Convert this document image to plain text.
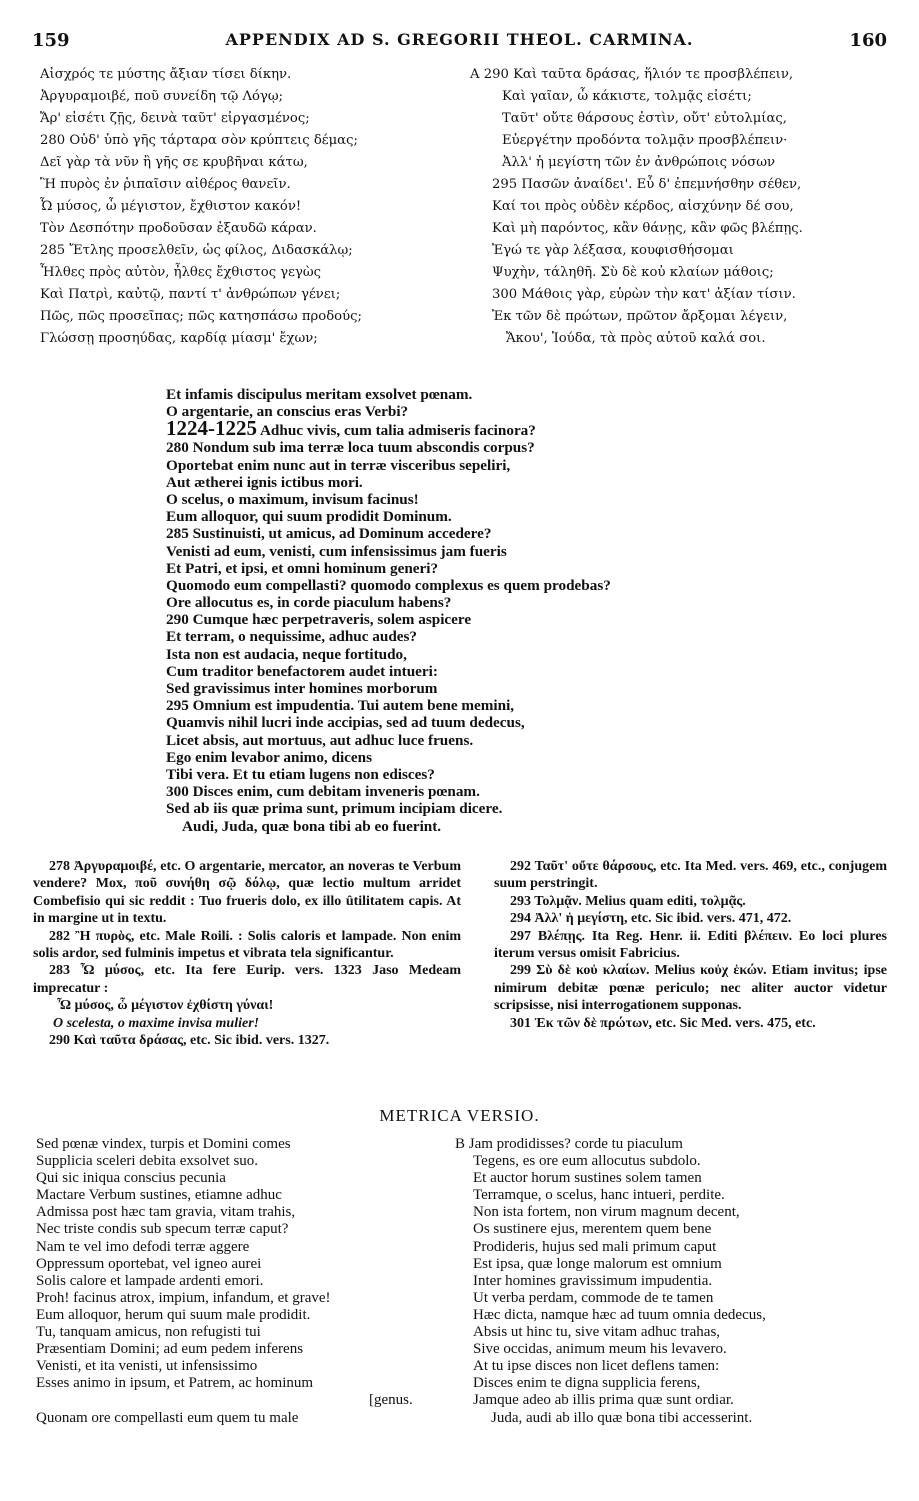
159	APPENDIX AD S. GREGORII THEOL. CARMINA.	160
Αἰσχρός τε μύστης ἄξιαν τίσει δίκην.
Ἀργυραμοιβέ, ποῦ συνείδη τῷ Λόγῳ;
Ἄρ' εἰσέτι ζῇς, δεινὰ ταῦτ' εἰργασμένος;
280 Οὐδ' ὑπὸ γῆς τάρταρα σὸν κρύπτεις δέμας;
Δεῖ γὰρ τὰ νῦν ἢ γῆς σε κρυβῆναι κάτω,
Ἢ πυρὸς ἐν ῥιπαῖσιν αἰθέρος θανεῖν.
Ὦ μύσος, ὦ μέγιστον, ἔχθιστον κακόν!
Τὸν Δεσπότην προδοῦσαν ἐξαυδῶ κάραν.
285 Ἔτλης προσελθεῖν, ὡς φίλος, Διδασκάλῳ;
Ἦλθες πρὸς αὐτὸν, ἦλθες ἔχθιστος γεγὼς
Καὶ Πατρὶ, καὐτῷ, παντί τ' ἀνθρώπων γένει;
Πῶς, πῶς προσεῖπας; πῶς κατησπάσω προδούς;
Γλώσσῃ προσηύδας, καρδίᾳ μίασμ' ἔχων;
A 290 Καὶ ταῦτα δράσας, ἥλιόν τε προσβλέπειν,
Καὶ γαῖαν, ὦ κάκιστε, τολμᾷς εἰσέτι;
Ταῦτ' οὔτε θάρσους ἐστὶν, οὔτ' εὐτολμίας,
Εὐεργέτην προδόντα τολμᾷν προσβλέπειν·
Ἀλλ' ἡ μεγίστη τῶν ἐν ἀνθρώποις νόσων
295 Πασῶν ἀναίδει'. Εὖ δ' ἐπεμνήσθην σέθεν,
Καί τοι πρὸς οὐδὲν κέρδος, αἰσχύνην δέ σου,
Καὶ μὴ παρόντος, κἂν θάνῃς, κἂν φῶς βλέπῃς.
Ἐγώ τε γὰρ λέξασα, κουφισθήσομαι
Ψυχὴν, τάληθῆ. Σὺ δὲ κοὐ κλαίων μάθοις;
300 Μάθοις γὰρ, εὑρὼν τὴν κατ' ἀξίαν τίσιν.
Ἐκ τῶν δὲ πρώτων, πρῶτον ἄρξομαι λέγειν,
Ἄκου', Ἰούδα, τὰ πρὸς αὐτοῦ καλά σοι.
Et infamis discipulus meritam exsolvet pœnam.
O argentarie, an conscius eras Verbi?
1224-1225 Adhuc vivis, cum talia admiseris facinora?
280 Nondum sub ima terræ loca tuum abscondis corpus?
Oportebat enim nunc aut in terræ visceribus sepeliri,
Aut ætherei ignis ictibus mori.
O scelus, o maximum, invisum facinus!
Eum alloquor, qui suum prodidit Dominum.
285 Sustinuisti, ut amicus, ad Dominum accedere?
Venisti ad eum, venisti, cum infensissimus jam fueris
Et Patri, et ipsi, et omni hominum generi?
Quomodo eum compellasti? quomodo complexus es quem prodebas?
Ore allocutus es, in corde piaculum habens?
290 Cumque hæc perpetraveris, solem aspicere
Et terram, o nequissime, adhuc audes?
Ista non est audacia, neque fortitudo,
Cum traditor benefactorem audet intueri:
Sed gravissimus inter homines morborum
295 Omnium est impudentia. Tui autem bene memini,
Quamvis nihil lucri inde accipias, sed ad tuum dedecus,
Licet absis, aut mortuus, aut adhuc luce fruens.
Ego enim levabor animo, dicens
Tibi vera. Et tu etiam lugens non edisces?
300 Disces enim, cum debitam inveneris pœnam.
Sed ab iis quæ prima sunt, primum incipiam dicere.
Audi, Juda, quæ bona tibi ab eo fuerint.

278 Ἀργυραμοιβέ, etc. O argentarie, mercator, an noveras te Verbum vendere? Mox, ποῦ συνήθη σῷ δόλῳ, quæ lectio multum arridet Combefisio qui sic reddit : Tuo frueris dolo, ex illo ûtilitatem capis. At in margine ut in textu.

282 Ἢ πυρὸς, etc. Male Roili. : Solis caloris et lampade. Non enim solis ardor, sed fulminis impetus et vibrata tela significantur.

283 Ὦ μύσος, etc. Ita fere Eurip. vers. 1323 Jaso Medeam imprecatur :

Ὦ μύσος, ὦ μέγιστον ἐχθίστη γύναι!

O scelesta, o maxime invisa mulier!

290 Καὶ ταῦτα δράσας, etc. Sic ibid. vers. 1327.

292 Ταῦτ' οὔτε θάρσους, etc. Ita Med. vers. 469, etc., conjugem suum perstringit.

293 Τολμᾷν. Melius quam editi, τολμᾷς.

294 Ἀλλ' ἡ μεγίστη, etc. Sic ibid. vers. 471, 472.

297 Βλέπῃς. Ita Reg. Henr. ii. Editi βλέπειν. Eo loci plures iterum versus omisit Fabricius.

299 Σὺ δὲ κοὐ κλαίων. Melius κοὐχ ἑκών. Etiam invitus; ipse nimirum debitæ pœnæ periculo; nec aliter auctor videtur scripsisse, nisi interrogationem supponas.

301 Ἐκ τῶν δὲ πρώτων, etc. Sic Med. vers. 475, etc.

METRICA VERSIO.
Sed pœnæ vindex, turpis et Domini comes
Supplicia sceleri debita exsolvet suo.
Qui sic iniqua conscius pecunia
Mactare Verbum sustines, etiamne adhuc
Admissa post hæc tam gravia, vitam trahis,
Nec triste condis sub specum terræ caput?
Nam te vel imo defodi terræ aggere
Oppressum oportebat, vel igneo aurei
Solis calore et lampade ardenti emori.
Proh! facinus atrox, impium, infandum, et grave!
Eum alloquor, herum qui suum male prodidit.
Tu, tanquam amicus, non refugisti tui
Præsentiam Domini; ad eum pedem inferens
Venisti, et ita venisti, ut infensissimo
Esses animo in ipsum, et Patrem, ac hominum
[genus.
Quonam ore compellasti eum quem tu male
B Jam prodidisses? corde tu piaculum
Tegens, es ore eum allocutus subdolo.
Et auctor horum sustines solem tamen
Terramque, o scelus, hanc intueri, perdite.
Non ista fortem, non virum magnum decent,
Os sustinere ejus, merentem quem bene
Prodideris, hujus sed mali primum caput
Est ipsa, quæ longe malorum est omnium
Inter homines gravissimum impudentia.
Ut verba perdam, commode de te tamen
Hæc dicta, namque hæc ad tuum omnia dedecus,
Absis ut hinc tu, sive vitam adhuc trahas,
Sive occidas, animum meum his levavero.
At tu ipse disces non licet deflens tamen:
Disces enim te digna supplicia ferens,
Jamque adeo ab illis prima quæ sunt ordiar.
Juda, audi ab illo quæ bona tibi accesserint.
